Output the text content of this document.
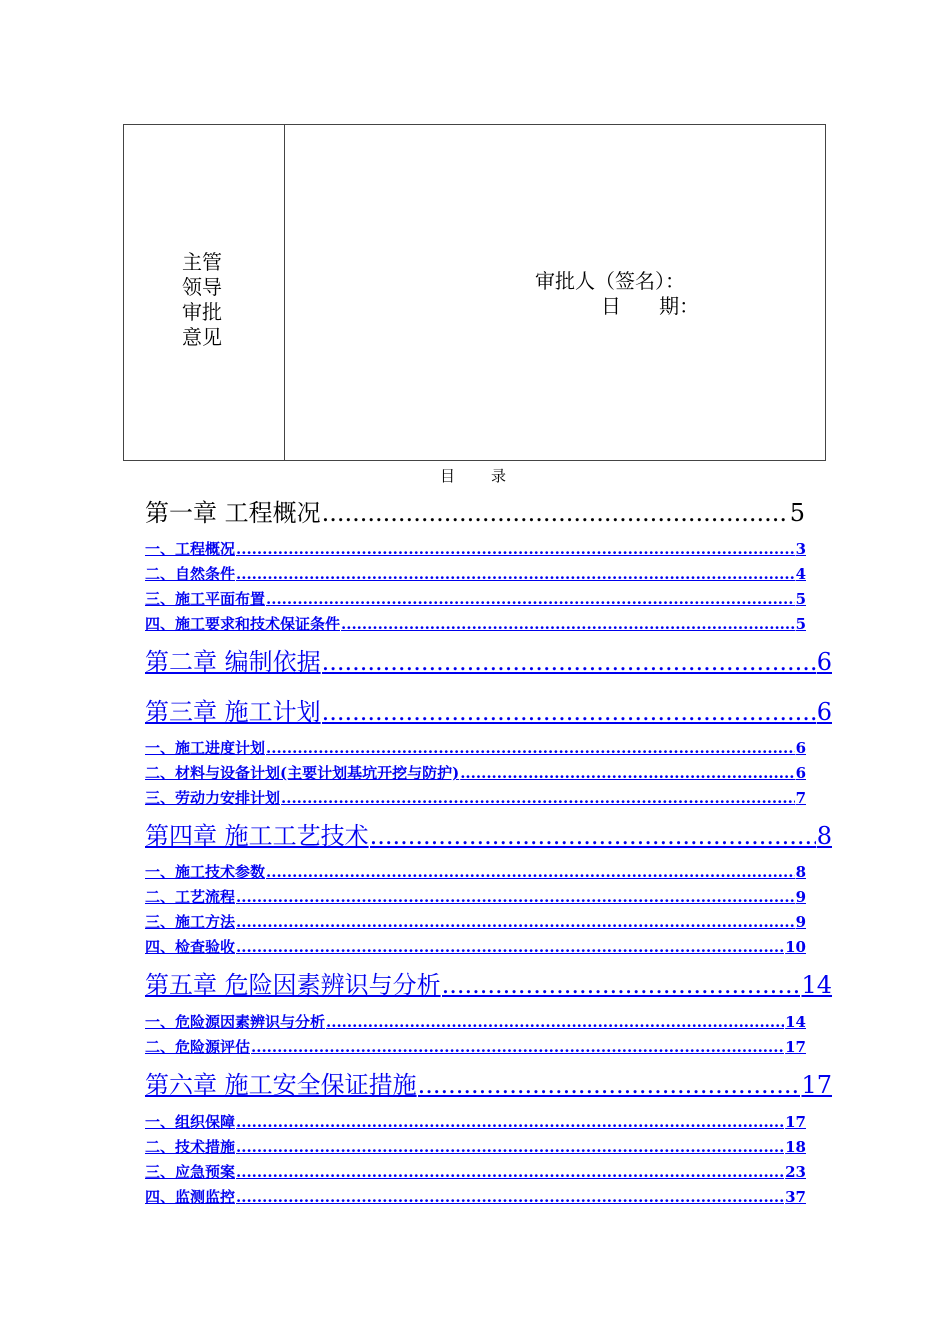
主管领导审批意见
审批人（签名）：
日      期：
目录
第一章 工程概况 .....	5
一、工程概况 .....	3
二、自然条件 .....	4
三、施工平面布置 .....	5
四、施工要求和技术保证条件 .....	5
第二章 编制依据 .....	6
第三章 施工计划 .....	6
一、施工进度计划 .....	6
二、材料与设备计划(主要计划基坑开挖与防护) .....	6
三、劳动力安排计划 .....	7
第四章 施工工艺技术 .....	8
一、施工技术参数 .....	8
二、工艺流程 .....	9
三、施工方法 .....	9
四、检查验收 .....	10
第五章 危险因素辨识与分析 .....	14
一、危险源因素辨识与分析 .....	14
二、危险源评估 .....	17
第六章 施工安全保证措施 .....	17
一、组织保障 .....	17
二、技术措施 .....	18
三、应急预案 .....	23
四、监测监控 .....	37
